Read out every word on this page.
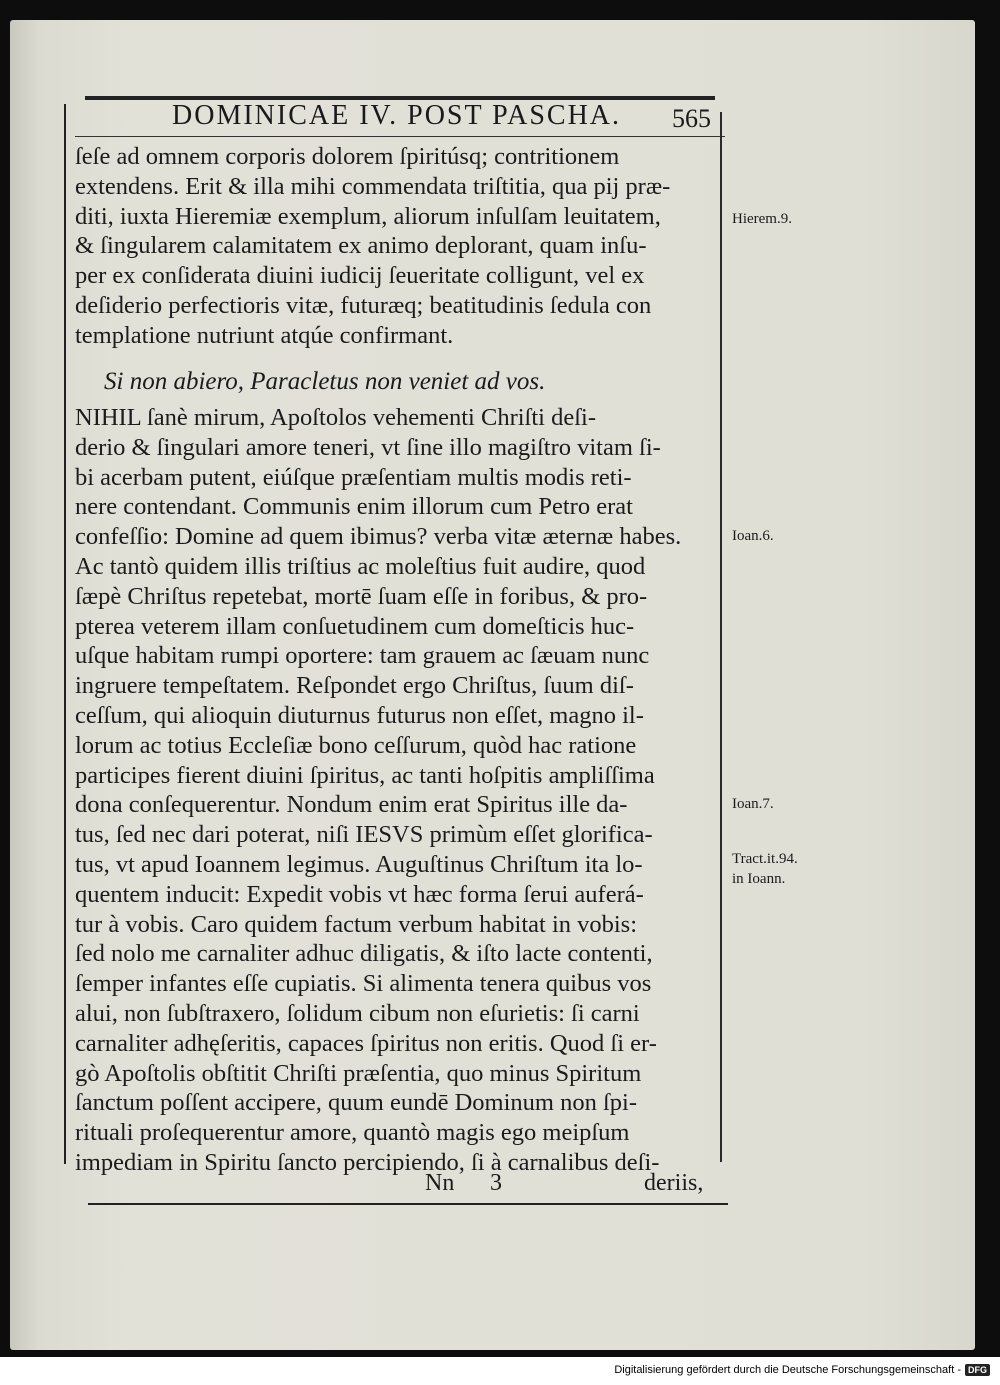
DOMINICAE IV. POST PASCHA. 565
ſeſe ad omnem corporis dolorem ſpiritúsq; contritionem
extendens. Erit & illa mihi commendata triſtitia, qua pij præ-
diti, iuxta Hieremiæ exemplum, aliorum inſulſam leuitatem,
& ſingularem calamitatem ex animo deplorant, quam inſu-
per ex conſiderata diuini iudicij ſeueritate colligunt, vel ex
deſiderio perfectioris vitæ, futuræq; beatitudinis ſedula con
templatione nutriunt atqúe confirmant.
Si non abiero, Paracletus non veniet ad vos.
NIHIL ſanè mirum, Apoſtolos vehementi Chriſti deſi-
derio & ſingulari amore teneri, vt ſine illo magiſtro vitam ſi-
bi acerbam putent, eiúſque præſentiam multis modis reti-
nere contendant. Communis enim illorum cum Petro erat
confeſſio: Domine ad quem ibimus? verba vitæ æternæ habes.
Ac tantò quidem illis triſtius ac moleſtius fuit audire, quod
ſæpè Chriſtus repetebat, mortē ſuam eſſe in foribus, & pro-
pterea veterem illam conſuetudinem cum domeſticis huc-
uſque habitam rumpi oportere: tam grauem ac ſæuam nunc
ingruere tempeſtatem. Reſpondet ergo Chriſtus, ſuum diſ-
ceſſum, qui alioquin diuturnus futurus non eſſet, magno il-
lorum ac totius Eccleſiæ bono ceſſurum, quòd hac ratione
participes fierent diuini ſpiritus, ac tanti hoſpitis ampliſſima
dona conſequerentur. Nondum enim erat Spiritus ille da-
tus, ſed nec dari poterat, niſi IESVS primùm eſſet glorifica-
tus, vt apud Ioannem legimus. Auguſtinus Chriſtum ita lo-
quentem inducit: Expedit vobis vt hæc forma ſerui auferá-
tur à vobis. Caro quidem factum verbum habitat in vobis:
ſed nolo me carnaliter adhuc diligatis, & iſto lacte contenti,
ſemper infantes eſſe cupiatis. Si alimenta tenera quibus vos
alui, non ſubſtraxero, ſolidum cibum non eſurietis: ſi carni
carnaliter adhęſeritis, capaces ſpiritus non eritis. Quod ſi er-
gò Apoſtolis obſtitit Chriſti præſentia, quo minus Spiritum
ſanctum poſſent accipere, quum eundē Dominum non ſpi-
rituali proſequerentur amore, quantò magis ego meipſum
impediam in Spiritu ſancto percipiendo, ſi à carnalibus deſi-
Hierem.9.
Ioan.6.
Ioan.7.
Tract.it.94.
in Ioann.
Nn 3	deriis,
Digitalisierung gefördert durch die Deutsche Forschungsgemeinschaft - DFG
